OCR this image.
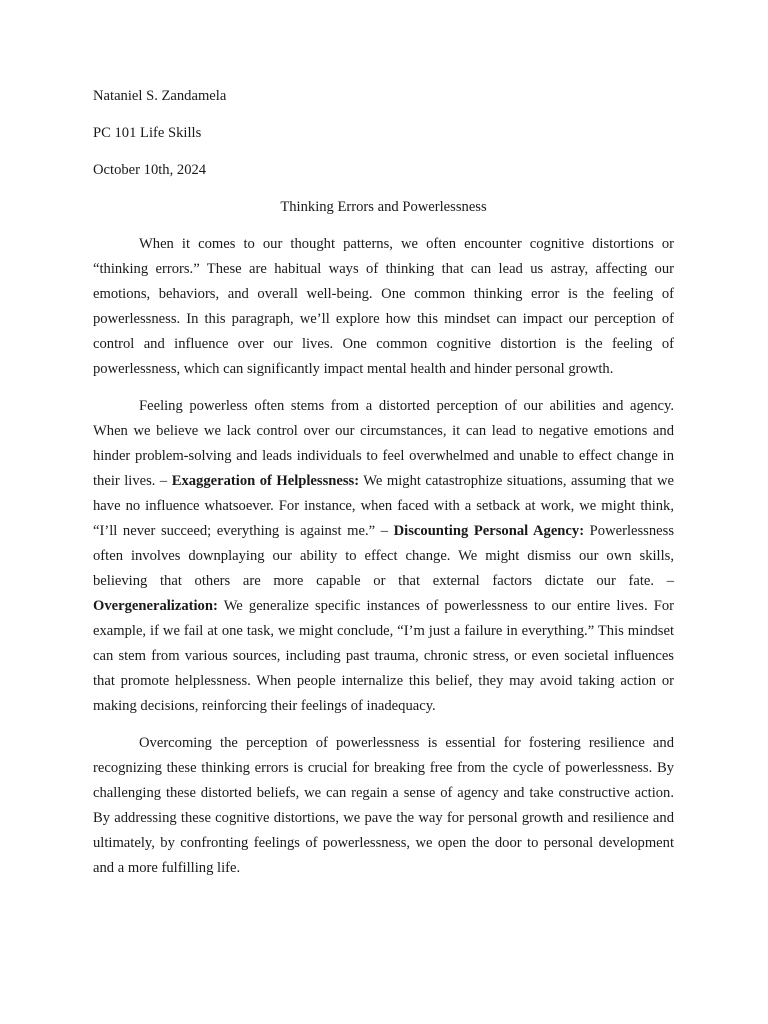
Nataniel S. Zandamela

PC 101 Life Skills

October 10th, 2024

Thinking Errors and Powerlessness

When it comes to our thought patterns, we often encounter cognitive distortions or “thinking errors.” These are habitual ways of thinking that can lead us astray, affecting our emotions, behaviors, and overall well-being. One common thinking error is the feeling of powerlessness. In this paragraph, we’ll explore how this mindset can impact our perception of control and influence over our lives. One common cognitive distortion is the feeling of powerlessness, which can significantly impact mental health and hinder personal growth.

Feeling powerless often stems from a distorted perception of our abilities and agency. When we believe we lack control over our circumstances, it can lead to negative emotions and hinder problem-solving and leads individuals to feel overwhelmed and unable to effect change in their lives. – Exaggeration of Helplessness: We might catastrophize situations, assuming that we have no influence whatsoever. For instance, when faced with a setback at work, we might think, “I’ll never succeed; everything is against me.” – Discounting Personal Agency: Powerlessness often involves downplaying our ability to effect change. We might dismiss our own skills, believing that others are more capable or that external factors dictate our fate. – Overgeneralization: We generalize specific instances of powerlessness to our entire lives. For example, if we fail at one task, we might conclude, “I’m just a failure in everything.” This mindset can stem from various sources, including past trauma, chronic stress, or even societal influences that promote helplessness. When people internalize this belief, they may avoid taking action or making decisions, reinforcing their feelings of inadequacy.

Overcoming the perception of powerlessness is essential for fostering resilience and recognizing these thinking errors is crucial for breaking free from the cycle of powerlessness. By challenging these distorted beliefs, we can regain a sense of agency and take constructive action. By addressing these cognitive distortions, we pave the way for personal growth and resilience and ultimately, by confronting feelings of powerlessness, we open the door to personal development and a more fulfilling life.
